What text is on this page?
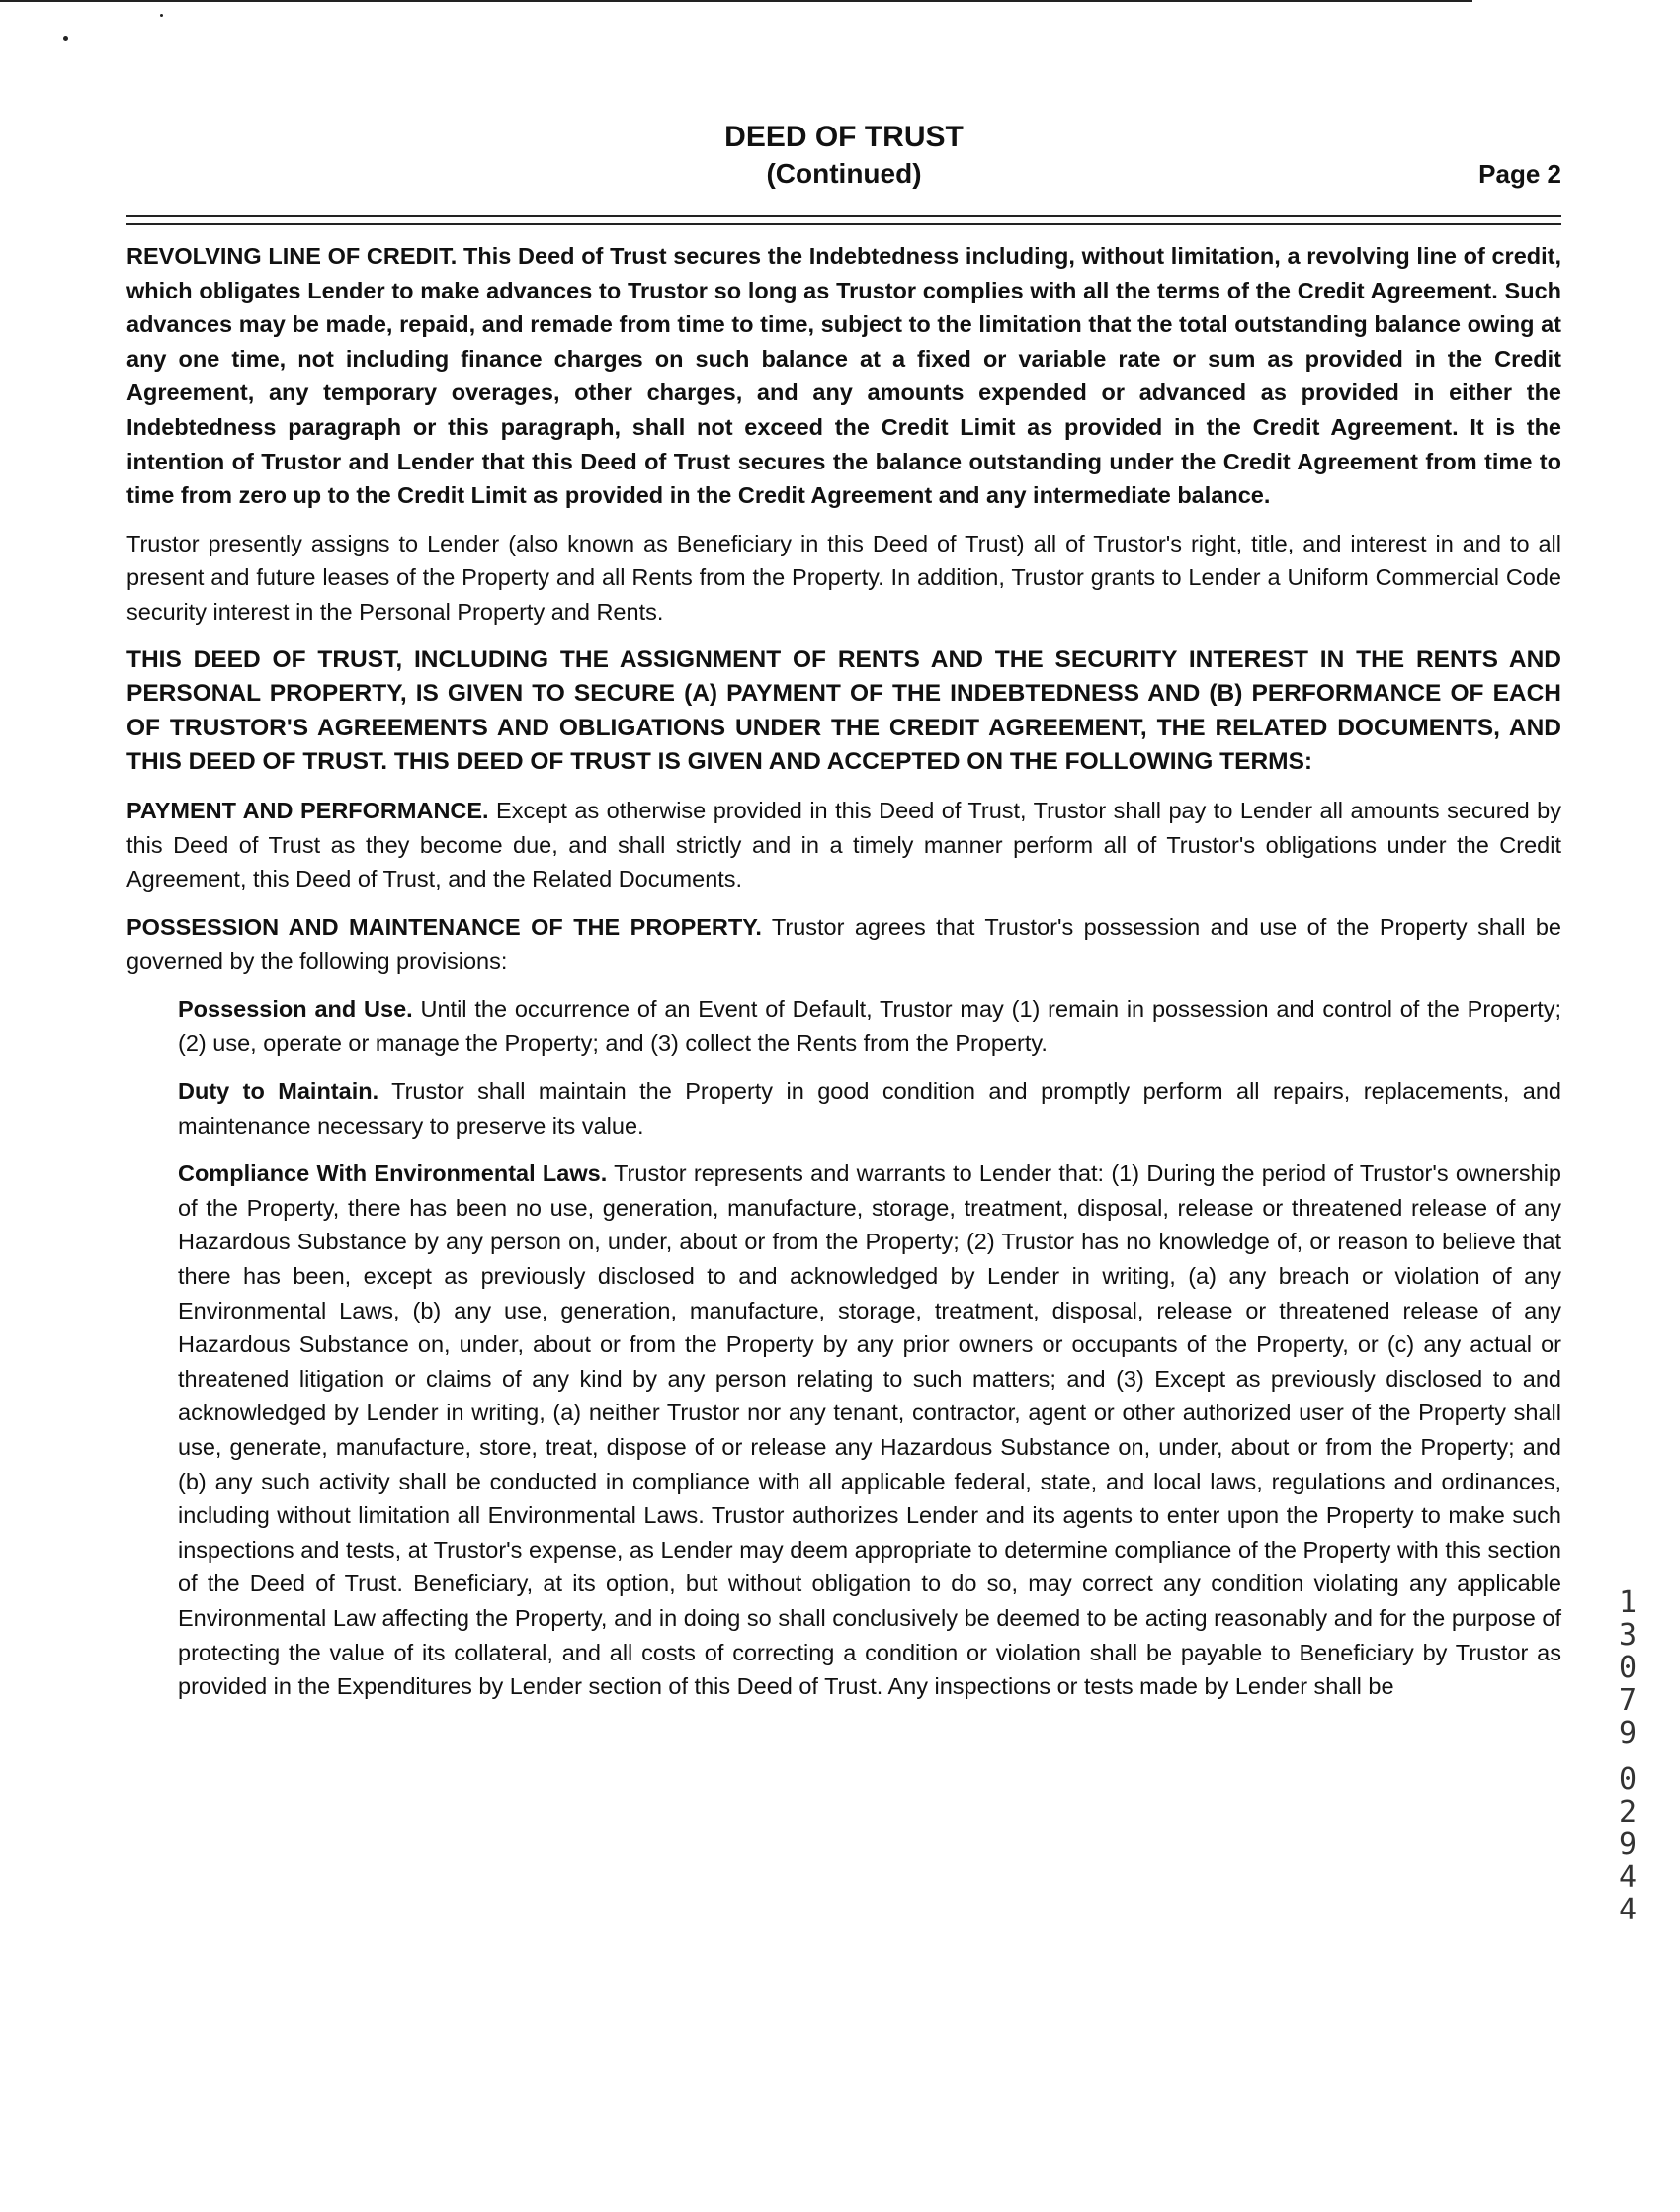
DEED OF TRUST
(Continued)	Page 2

REVOLVING LINE OF CREDIT. This Deed of Trust secures the Indebtedness including, without limitation, a revolving line of credit, which obligates Lender to make advances to Trustor so long as Trustor complies with all the terms of the Credit Agreement. Such advances may be made, repaid, and remade from time to time, subject to the limitation that the total outstanding balance owing at any one time, not including finance charges on such balance at a fixed or variable rate or sum as provided in the Credit Agreement, any temporary overages, other charges, and any amounts expended or advanced as provided in either the Indebtedness paragraph or this paragraph, shall not exceed the Credit Limit as provided in the Credit Agreement. It is the intention of Trustor and Lender that this Deed of Trust secures the balance outstanding under the Credit Agreement from time to time from zero up to the Credit Limit as provided in the Credit Agreement and any intermediate balance.

Trustor presently assigns to Lender (also known as Beneficiary in this Deed of Trust) all of Trustor's right, title, and interest in and to all present and future leases of the Property and all Rents from the Property. In addition, Trustor grants to Lender a Uniform Commercial Code security interest in the Personal Property and Rents.

THIS DEED OF TRUST, INCLUDING THE ASSIGNMENT OF RENTS AND THE SECURITY INTEREST IN THE RENTS AND PERSONAL PROPERTY, IS GIVEN TO SECURE (A) PAYMENT OF THE INDEBTEDNESS AND (B) PERFORMANCE OF EACH OF TRUSTOR'S AGREEMENTS AND OBLIGATIONS UNDER THE CREDIT AGREEMENT, THE RELATED DOCUMENTS, AND THIS DEED OF TRUST. THIS DEED OF TRUST IS GIVEN AND ACCEPTED ON THE FOLLOWING TERMS:

PAYMENT AND PERFORMANCE. Except as otherwise provided in this Deed of Trust, Trustor shall pay to Lender all amounts secured by this Deed of Trust as they become due, and shall strictly and in a timely manner perform all of Trustor's obligations under the Credit Agreement, this Deed of Trust, and the Related Documents.

POSSESSION AND MAINTENANCE OF THE PROPERTY. Trustor agrees that Trustor's possession and use of the Property shall be governed by the following provisions:

Possession and Use. Until the occurrence of an Event of Default, Trustor may (1) remain in possession and control of the Property; (2) use, operate or manage the Property; and (3) collect the Rents from the Property.

Duty to Maintain. Trustor shall maintain the Property in good condition and promptly perform all repairs, replacements, and maintenance necessary to preserve its value.

Compliance With Environmental Laws. Trustor represents and warrants to Lender that: (1) During the period of Trustor's ownership of the Property, there has been no use, generation, manufacture, storage, treatment, disposal, release or threatened release of any Hazardous Substance by any person on, under, about or from the Property; (2) Trustor has no knowledge of, or reason to believe that there has been, except as previously disclosed to and acknowledged by Lender in writing, (a) any breach or violation of any Environmental Laws, (b) any use, generation, manufacture, storage, treatment, disposal, release or threatened release of any Hazardous Substance on, under, about or from the Property by any prior owners or occupants of the Property, or (c) any actual or threatened litigation or claims of any kind by any person relating to such matters; and (3) Except as previously disclosed to and acknowledged by Lender in writing, (a) neither Trustor nor any tenant, contractor, agent or other authorized user of the Property shall use, generate, manufacture, store, treat, dispose of or release any Hazardous Substance on, under, about or from the Property; and (b) any such activity shall be conducted in compliance with all applicable federal, state, and local laws, regulations and ordinances, including without limitation all Environmental Laws. Trustor authorizes Lender and its agents to enter upon the Property to make such inspections and tests, at Trustor's expense, as Lender may deem appropriate to determine compliance of the Property with this section of the Deed of Trust. Beneficiary, at its option, but without obligation to do so, may correct any condition violating any applicable Environmental Law affecting the Property, and in doing so shall conclusively be deemed to be acting reasonably and for the purpose of protecting the value of its collateral, and all costs of correcting a condition or violation shall be payable to Beneficiary by Trustor as provided in the Expenditures by Lender section of this Deed of Trust. Any inspections or tests made by Lender shall be

1
3
0
7
9
0
2
9
4
4
